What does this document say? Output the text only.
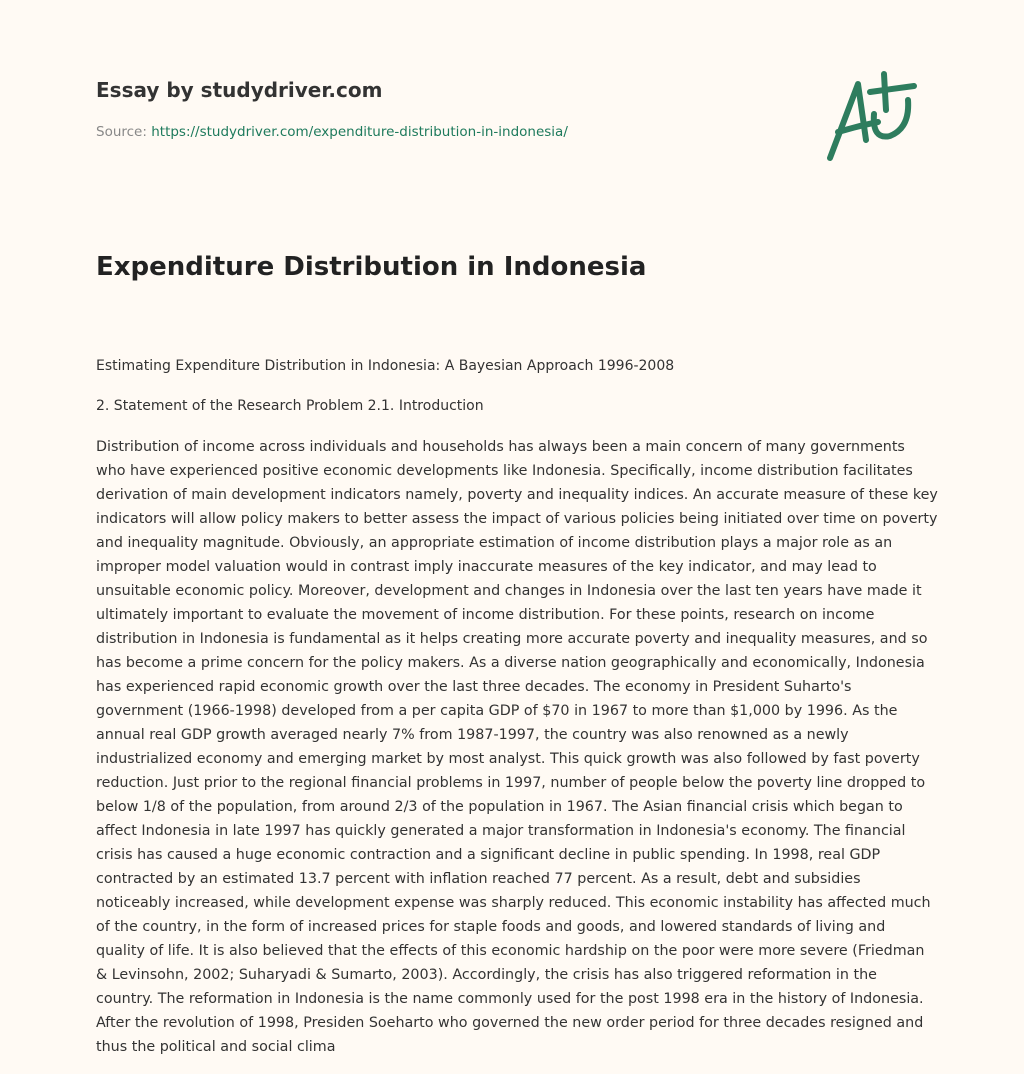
Essay by studydriver.com
Source: https://studydriver.com/expenditure-distribution-in-indonesia/
Expenditure Distribution in Indonesia
Estimating Expenditure Distribution in Indonesia: A Bayesian Approach 1996-2008
2. Statement of the Research Problem 2.1. Introduction

Distribution of income across individuals and households has always been a main concern of many governments who have experienced positive economic developments like Indonesia. Specifically, income distribution facilitates derivation of main development indicators namely, poverty and inequality indices. An accurate measure of these key indicators will allow policy makers to better assess the impact of various policies being initiated over time on poverty and inequality magnitude. Obviously, an appropriate estimation of income distribution plays a major role as an improper model valuation would in contrast imply inaccurate measures of the key indicator, and may lead to unsuitable economic policy. Moreover, development and changes in Indonesia over the last ten years have made it ultimately important to evaluate the movement of income distribution. For these points, research on income distribution in Indonesia is fundamental as it helps creating more accurate poverty and inequality measures, and so has become a prime concern for the policy makers. As a diverse nation geographically and economically, Indonesia has experienced rapid economic growth over the last three decades. The economy in President Suharto's government (1966-1998) developed from a per capita GDP of $70 in 1967 to more than $1,000 by 1996. As the annual real GDP growth averaged nearly 7% from 1987-1997, the country was also renowned as a newly industrialized economy and emerging market by most analyst. This quick growth was also followed by fast poverty reduction. Just prior to the regional financial problems in 1997, number of people below the poverty line dropped to below 1/8 of the population, from around 2/3 of the population in 1967. The Asian financial crisis which began to affect Indonesia in late 1997 has quickly generated a major transformation in Indonesia's economy. The financial crisis has caused a huge economic contraction and a significant decline in public spending. In 1998, real GDP contracted by an estimated 13.7 percent with inflation reached 77 percent. As a result, debt and subsidies noticeably increased, while development expense was sharply reduced. This economic instability has affected much of the country, in the form of increased prices for staple foods and goods, and lowered standards of living and quality of life. It is also believed that the effects of this economic hardship on the poor were more severe (Friedman & Levinsohn, 2002; Suharyadi & Sumarto, 2003). Accordingly, the crisis has also triggered reformation in the country. The reformation in Indonesia is the name commonly used for the post 1998 era in the history of Indonesia. After the revolution of 1998, Presiden Soeharto who governed the new order period for three decades resigned and thus the political and social clima
